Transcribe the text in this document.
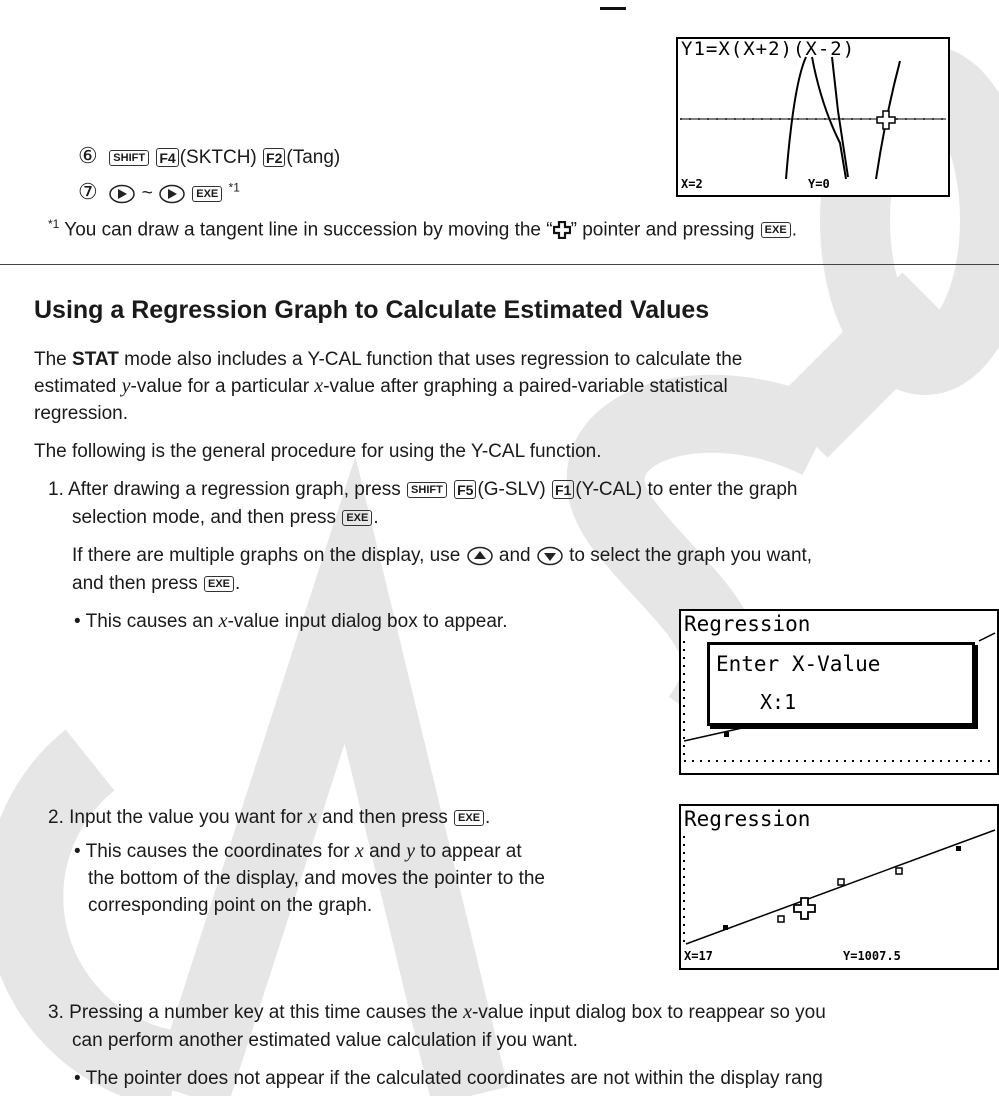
Y1=X(X+2)(X-2)
X=2	Y=0
⑥ SHIFT F4 (SKTCH) F2 (Tang)
⑦ ~	EXE $^{*1}$
$^{*1}$ You can draw a tangent line in succession by moving the “ ” pointer and pressing EXE .
Using a Regression Graph to Calculate Estimated Values
The STAT mode also includes a Y-CAL function that uses regression to calculate the
estimated y-value for a particular x-value after graphing a paired-variable statistical
regression.
The following is the general procedure for using the Y-CAL function.
1. After drawing a regression graph, press SHIFT F5 (G-SLV) F1 (Y-CAL) to enter the graph
selection mode, and then press EXE .
If there are multiple graphs on the display, use and to select the graph you want,
and then press EXE .
• This causes an x-value input dialog box to appear.	Regression
Enter X-Value
X:1
2. Input the value you want for x and then press EXE .
• This causes the coordinates for x and y to appear at
the bottom of the display, and moves the pointer to the
corresponding point on the graph.
Regression
X=17	Y=1007.5
3. Pressing a number key at this time causes the x-value input dialog box to reappear so you
can perform another estimated value calculation if you want.
• The pointer does not appear if the calculated coordinates are not within the display rang
